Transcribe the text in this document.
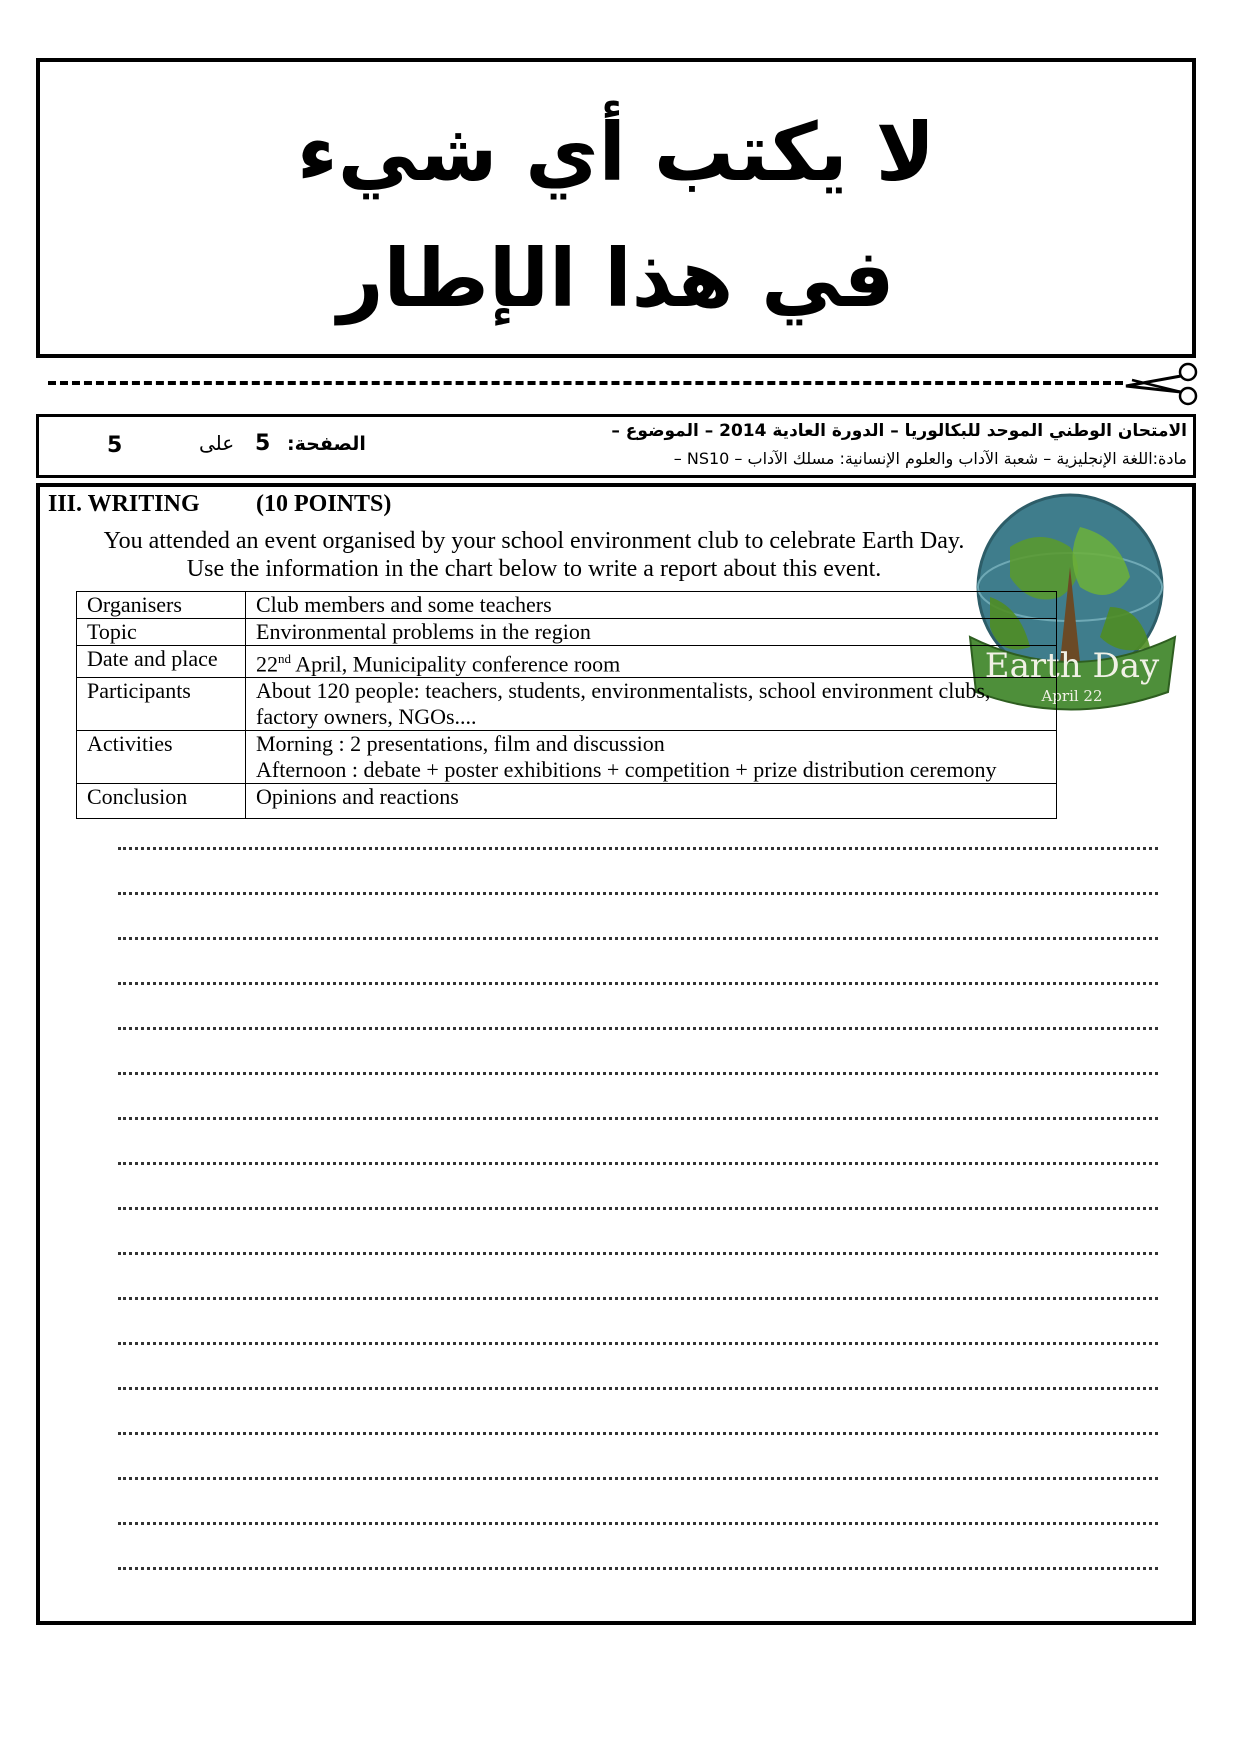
لا يكتب أي شيء
في هذا الإطار
5	على 5 الصفحة:
الامتحان الوطني الموحد للبكالوريا – الدورة العادية 2014 – الموضوع –
مادة:اللغة الإنجليزية – شعبة الآداب والعلوم الإنسانية: مسلك الآداب – NS10 –
III. WRITING (10 POINTS)
You attended an event organised by your school environment club to celebrate Earth Day. Use the information in the chart below to write a report about this event.
Earth Day
April 22
Organisers	Club members and some teachers
Topic	Environmental problems in the region
Date and place	22nd April, Municipality conference room
Participants	About 120 people: teachers, students, environmentalists, school environment clubs, factory owners, NGOs....
Activities	Morning : 2 presentations, film and discussion
Afternoon : debate + poster exhibitions + competition + prize distribution ceremony

Conclusion	Opinions and reactions
